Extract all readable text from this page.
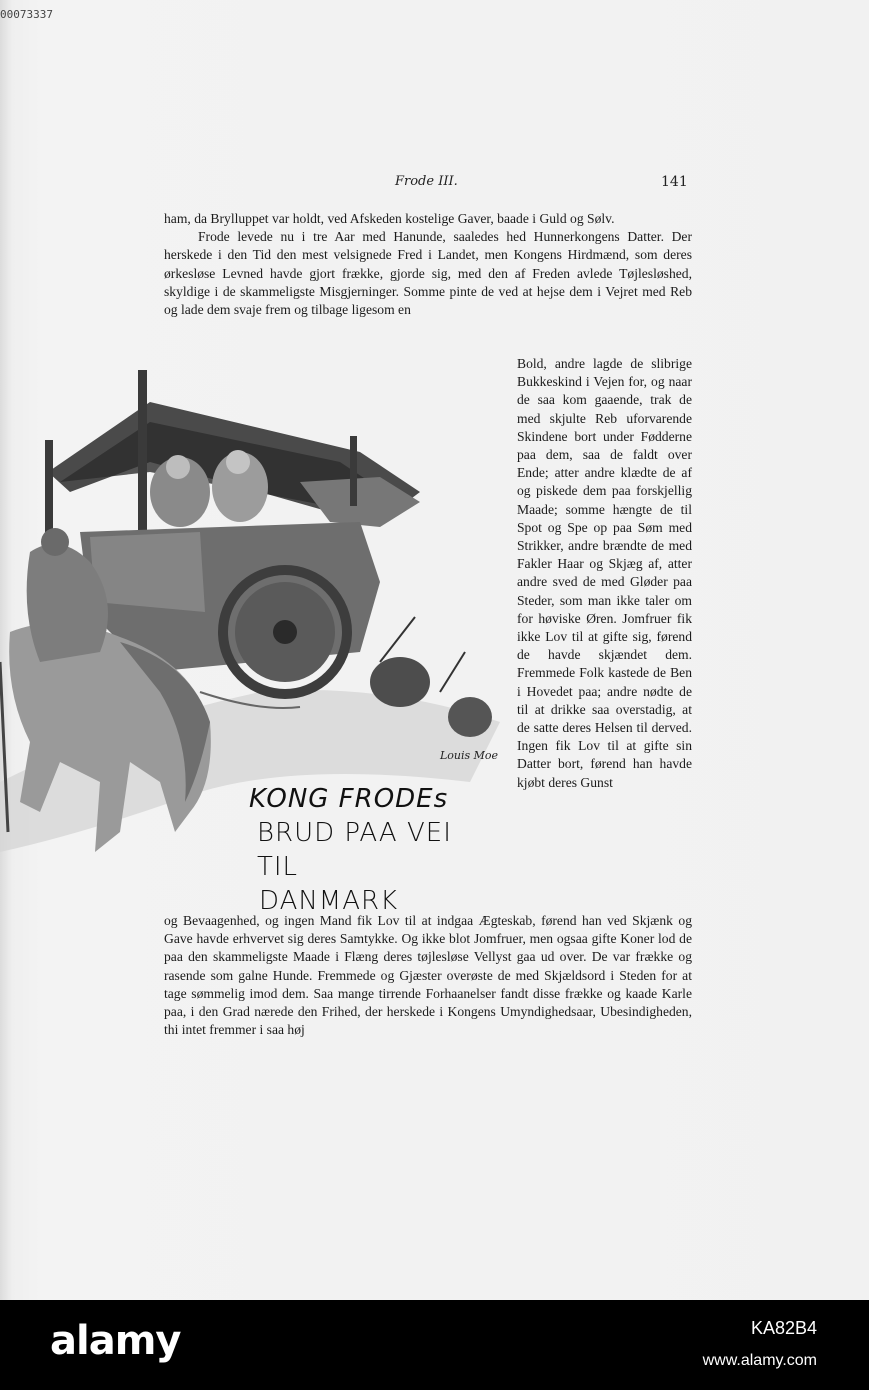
00073337
Frode III.	141

ham, da Brylluppet var holdt, ved Afskeden kostelige Gaver, baade i Guld og Sølv.

Frode levede nu i tre Aar med Hanunde, saaledes hed Hunnerkongens Datter. Der herskede i den Tid den mest velsignede Fred i Landet, men Kongens Hirdmænd, som deres ørkesløse Levned havde gjort frække, gjorde sig, med den af Freden avlede Tøjlesløshed, skyldige i de skammeligste Misgjerninger. Somme pinte de ved at hejse dem i Vejret med Reb og lade dem svaje frem og tilbage ligesom en

Louis Moe
KONG FRODEs
BRUD PAA VEI TIL
DANMARK

Bold, andre lagde de slibrige Bukkeskind i Vejen for, og naar de saa kom gaaende, trak de med skjulte Reb uforvarende Skindene bort under Fødderne paa dem, saa de faldt over Ende; atter andre klædte de af og piskede dem paa forskjellig Maade; somme hængte de til Spot og Spe op paa Søm med Strikker, andre brændte de med Fakler Haar og Skjæg af, atter andre sved de med Gløder paa Steder, som man ikke taler om for høviske Øren. Jomfruer fik ikke Lov til at gifte sig, førend de havde skjændet dem. Fremmede Folk kastede de Ben i Hovedet paa; andre nødte de til at drikke saa overstadig, at de satte deres Helsen til derved. Ingen fik Lov til at gifte sin Datter bort, førend han havde kjøbt deres Gunst

og Bevaagenhed, og ingen Mand fik Lov til at indgaa Ægteskab, førend han ved Skjænk og Gave havde erhvervet sig deres Samtykke. Og ikke blot Jomfruer, men ogsaa gifte Koner lod de paa den skammeligste Maade i Flæng deres tøjlesløse Vellyst gaa ud over. De var frække og rasende som galne Hunde. Fremmede og Gjæster overøste de med Skjældsord i Steden for at tage sømmelig imod dem. Saa mange tirrende Forhaanelser fandt disse frække og kaade Karle paa, i den Grad nærede den Frihed, der herskede i Kongens Umyndighedsaar, Ubesindigheden, thi intet fremmer i saa høj

alamy	KA82B4
www.alamy.com
